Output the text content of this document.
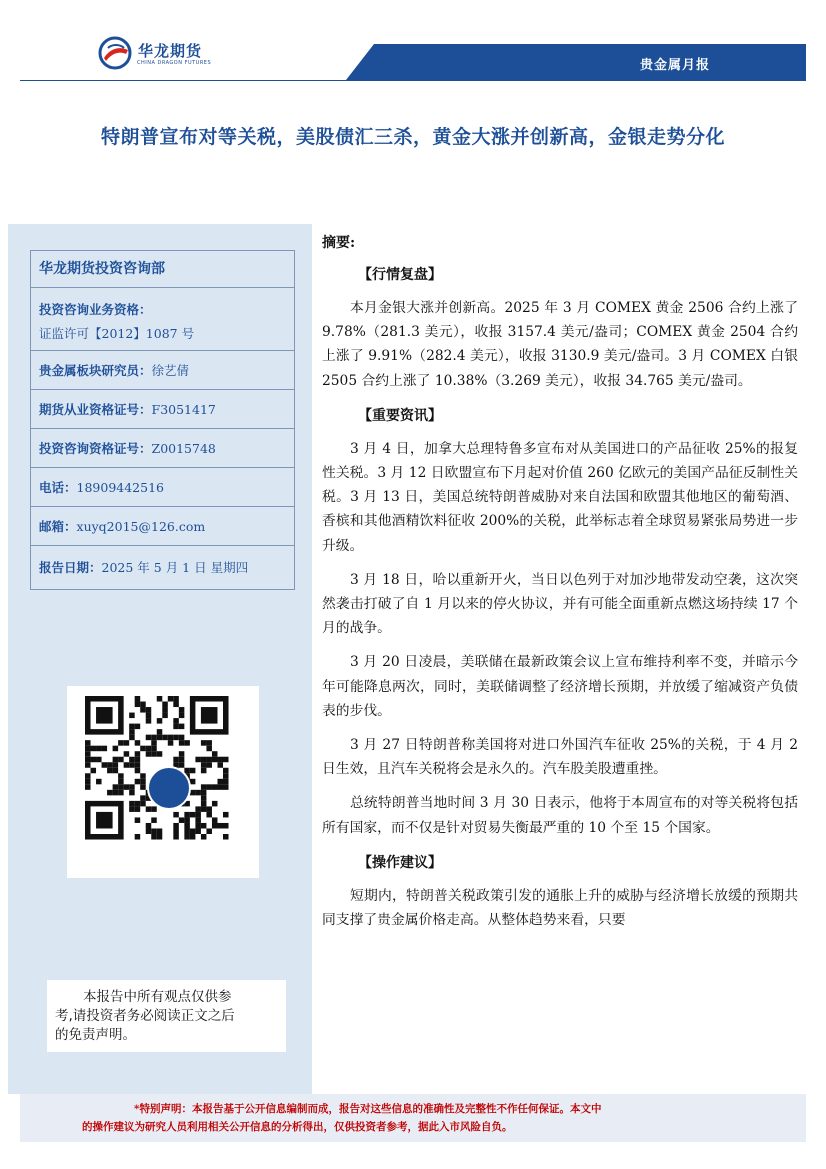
华龙期货
CHINA DRAGON FUTURES	贵金属月报
特朗普宣布对等关税，美股债汇三杀，黄金大涨并创新高，金银走势分化
华龙期货投资咨询部
投资咨询业务资格：
证监许可【2012】1087 号
贵金属板块研究员：徐艺倩
期货从业资格证号：F3051417
投资咨询资格证号：Z0015748
电话：18909442516
邮箱：xuyq2015@126.com
报告日期：2025 年 5 月 1 日 星期四
本报告中所有观点仅供参
考,请投资者务必阅读正文之后
的免责声明。
摘要:
【行情复盘】

本月金银大涨并创新高。2025 年 3 月 COMEX 黄金 2506 合约上涨了 9.78%（281.3 美元），收报 3157.4 美元/盎司；COMEX 黄金 2504 合约上涨了 9.91%（282.4 美元），收报 3130.9 美元/盎司。3 月 COMEX 白银 2505 合约上涨了 10.38%（3.269 美元），收报 34.765 美元/盎司。

【重要资讯】

3 月 4 日，加拿大总理特鲁多宣布对从美国进口的产品征收 25%的报复性关税。3 月 12 日欧盟宣布下月起对价值 260 亿欧元的美国产品征反制性关税。3 月 13 日，美国总统特朗普威胁对来自法国和欧盟其他地区的葡萄酒、香槟和其他酒精饮料征收 200%的关税，此举标志着全球贸易紧张局势进一步升级。

3 月 18 日，哈以重新开火，当日以色列于对加沙地带发动空袭，这次突然袭击打破了自 1 月以来的停火协议，并有可能全面重新点燃这场持续 17 个月的战争。

3 月 20 日凌晨，美联储在最新政策会议上宣布维持利率不变，并暗示今年可能降息两次，同时，美联储调整了经济增长预期，并放缓了缩减资产负债表的步伐。

3 月 27 日特朗普称美国将对进口外国汽车征收 25%的关税，于 4 月 2 日生效，且汽车关税将会是永久的。汽车股美股遭重挫。

总统特朗普当地时间 3 月 30 日表示，他将于本周宣布的对等关税将包括所有国家，而不仅是针对贸易失衡最严重的 10 个至 15 个国家。

【操作建议】

短期内，特朗普关税政策引发的通胀上升的威胁与经济增长放缓的预期共同支撑了贵金属价格走高。从整体趋势来看，只要

*特别声明：本报告基于公开信息编制而成，报告对这些信息的准确性及完整性不作任何保证。本文中
的操作建议为研究人员利用相关公开信息的分析得出，仅供投资者参考，据此入市风险自负。
